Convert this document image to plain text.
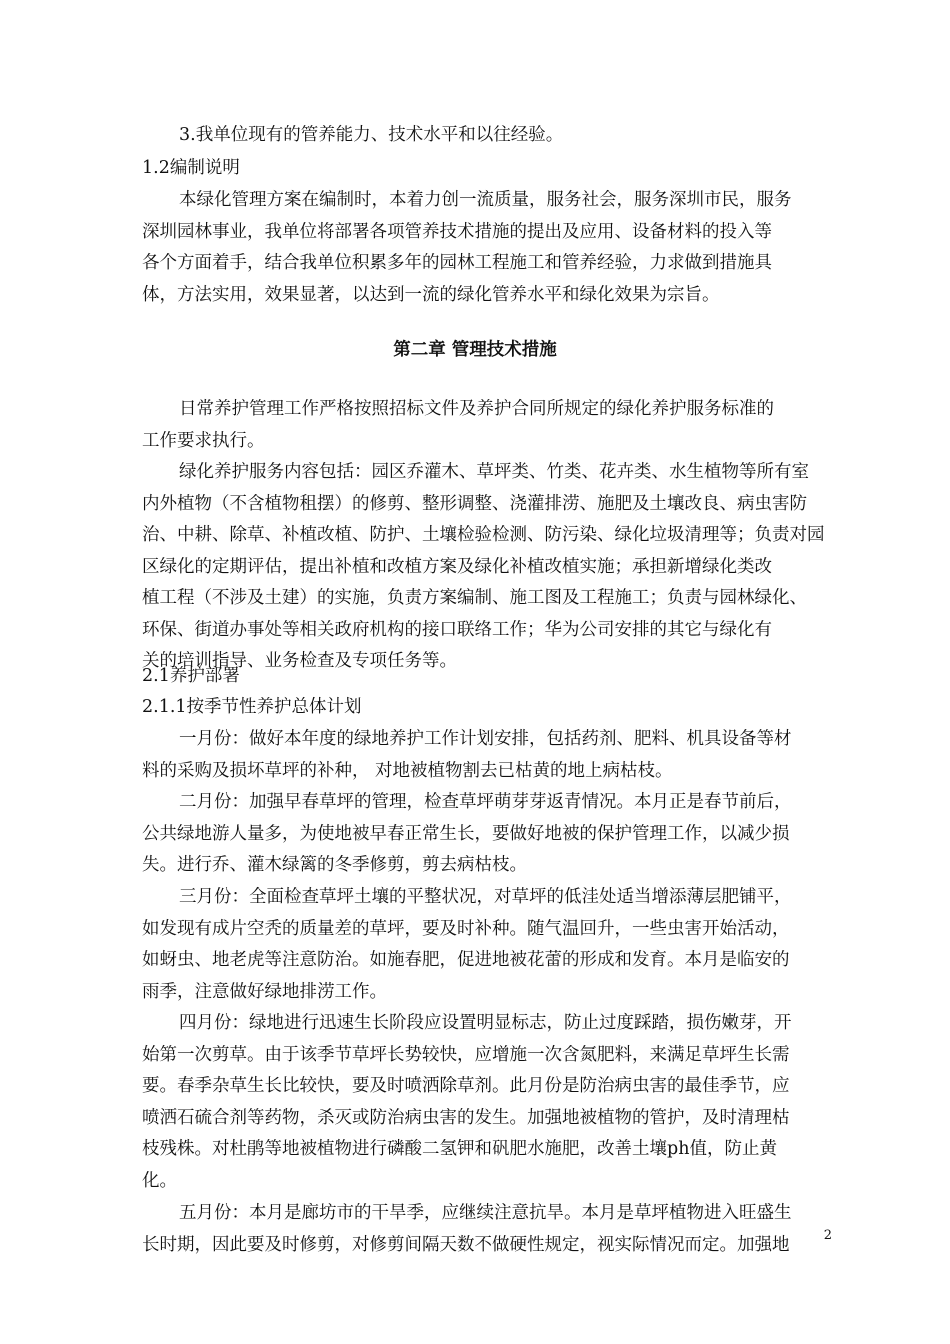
3.我单位现有的管养能力、技术水平和以往经验。

1.2编制说明

本绿化管理方案在编制时，本着力创一流质量，服务社会，服务深圳市民，服务
深圳园林事业，我单位将部署各项管养技术措施的提出及应用、设备材料的投入等
各个方面着手，结合我单位积累多年的园林工程施工和管养经验，力求做到措施具
体，方法实用，效果显著，以达到一流的绿化管养水平和绿化效果为宗旨。

第二章 管理技术措施

日常养护管理工作严格按照招标文件及养护合同所规定的绿化养护服务标准的
工作要求执行。

绿化养护服务内容包括：园区乔灌木、草坪类、竹类、花卉类、水生植物等所有室
内外植物（不含植物租摆）的修剪、整形调整、浇灌排涝、施肥及土壤改良、病虫害防
治、中耕、除草、补植改植、防护、土壤检验检测、防污染、绿化垃圾清理等；负责对园
区绿化的定期评估，提出补植和改植方案及绿化补植改植实施；承担新增绿化类改
植工程（不涉及土建）的实施，负责方案编制、施工图及工程施工；负责与园林绿化、
环保、街道办事处等相关政府机构的接口联络工作；华为公司安排的其它与绿化有
关的培训指导、业务检查及专项任务等。

2.1养护部署

2.1.1按季节性养护总体计划

一月份：做好本年度的绿地养护工作计划安排，包括药剂、肥料、机具设备等材
料的采购及损坏草坪的补种， 对地被植物割去已枯黄的地上病枯枝。

二月份：加强早春草坪的管理，检查草坪萌芽芽返青情况。本月正是春节前后，
公共绿地游人量多，为使地被早春正常生长，要做好地被的保护管理工作，以减少损
失。进行乔、灌木绿篱的冬季修剪，剪去病枯枝。

三月份：全面检查草坪土壤的平整状况，对草坪的低洼处适当增添薄层肥铺平，
如发现有成片空秃的质量差的草坪，要及时补种。随气温回升，一些虫害开始活动，
如蚜虫、地老虎等注意防治。如施春肥，促进地被花蕾的形成和发育。本月是临安的
雨季，注意做好绿地排涝工作。

四月份：绿地进行迅速生长阶段应设置明显标志，防止过度踩踏，损伤嫩芽，开
始第一次剪草。由于该季节草坪长势较快，应增施一次含氮肥料，来满足草坪生长需
要。春季杂草生长比较快，要及时喷洒除草剂。此月份是防治病虫害的最佳季节，应
喷洒石硫合剂等药物，杀灭或防治病虫害的发生。加强地被植物的管护，及时清理枯
枝残株。对杜鹃等地被植物进行磷酸二氢钾和矾肥水施肥，改善土壤ph值，防止黄
化。

五月份：本月是廊坊市的干旱季，应继续注意抗旱。本月是草坪植物进入旺盛生
长时期，因此要及时修剪，对修剪间隔天数不做硬性规定，视实际情况而定。加强地	2
